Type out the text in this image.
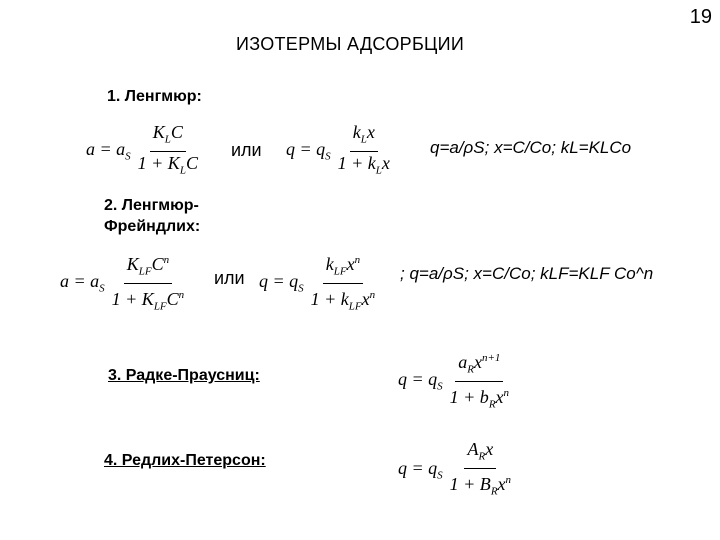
19
ИЗОТЕРМЫ АДСОРБЦИИ
1. Ленгмюр:
$a = a_S \frac{K_LC}{1 + K_LC}$ или $q = q_S \frac{k_Lx}{1 + k_Lx} q=a/\rho S$; x=C/Co; kL=KLCo
2. Ленгмюр-
Фрейндлих:
$a = a_S \frac{K_{LF}C^n}{1 + K_{LF}C^n}$ или $q = q_S \frac{k_{LF}x^n}{1 + k_{LF}x^n}$ ; q=a/ρS; x=C/Co; kLF=KLF Co^n
3. Радке-Праусниц:	$q = q_S \frac{a_Rx^{n+1}}{1 + b_Rx^n}$
4. Редлих-Петерсон:	$q = q_S \frac{A_Rx}{1 + B_Rx^n}$
